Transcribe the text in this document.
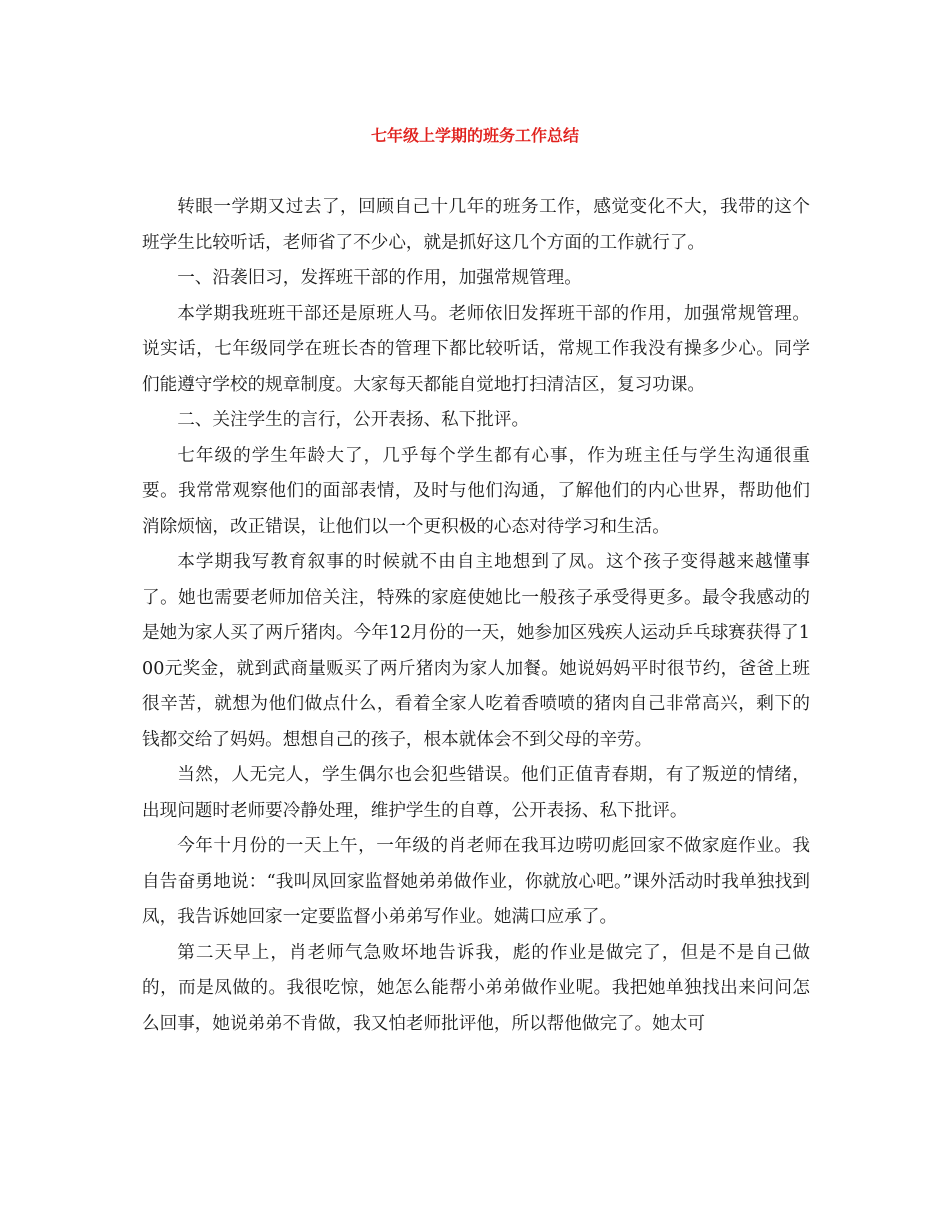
七年级上学期的班务工作总结

转眼一学期又过去了，回顾自己十几年的班务工作，感觉变化不大，我带的这个班学生比较听话，老师省了不少心，就是抓好这几个方面的工作就行了。

一、沿袭旧习，发挥班干部的作用，加强常规管理。

本学期我班班干部还是原班人马。老师依旧发挥班干部的作用，加强常规管理。说实话，七年级同学在班长杏的管理下都比较听话，常规工作我没有操多少心。同学们能遵守学校的规章制度。大家每天都能自觉地打扫清洁区，复习功课。

二、关注学生的言行，公开表扬、私下批评。

七年级的学生年龄大了，几乎每个学生都有心事，作为班主任与学生沟通很重要。我常常观察他们的面部表情，及时与他们沟通，了解他们的内心世界，帮助他们消除烦恼，改正错误，让他们以一个更积极的心态对待学习和生活。

本学期我写教育叙事的时候就不由自主地想到了凤。这个孩子变得越来越懂事了。她也需要老师加倍关注，特殊的家庭使她比一般孩子承受得更多。最令我感动的是她为家人买了两斤猪肉。今年12月份的一天，她参加区残疾人运动乒乓球赛获得了100元奖金，就到武商量贩买了两斤猪肉为家人加餐。她说妈妈平时很节约，爸爸上班很辛苦，就想为他们做点什么，看着全家人吃着香喷喷的猪肉自己非常高兴，剩下的钱都交给了妈妈。想想自己的孩子，根本就体会不到父母的辛劳。

当然，人无完人，学生偶尔也会犯些错误。他们正值青春期，有了叛逆的情绪，出现问题时老师要冷静处理，维护学生的自尊，公开表扬、私下批评。

今年十月份的一天上午，一年级的肖老师在我耳边唠叨彪回家不做家庭作业。我自告奋勇地说：“我叫凤回家监督她弟弟做作业，你就放心吧。”课外活动时我单独找到凤，我告诉她回家一定要监督小弟弟写作业。她满口应承了。

第二天早上，肖老师气急败坏地告诉我，彪的作业是做完了，但是不是自己做的，而是凤做的。我很吃惊，她怎么能帮小弟弟做作业呢。我把她单独找出来问问怎么回事，她说弟弟不肯做，我又怕老师批评他，所以帮他做完了。她太可
